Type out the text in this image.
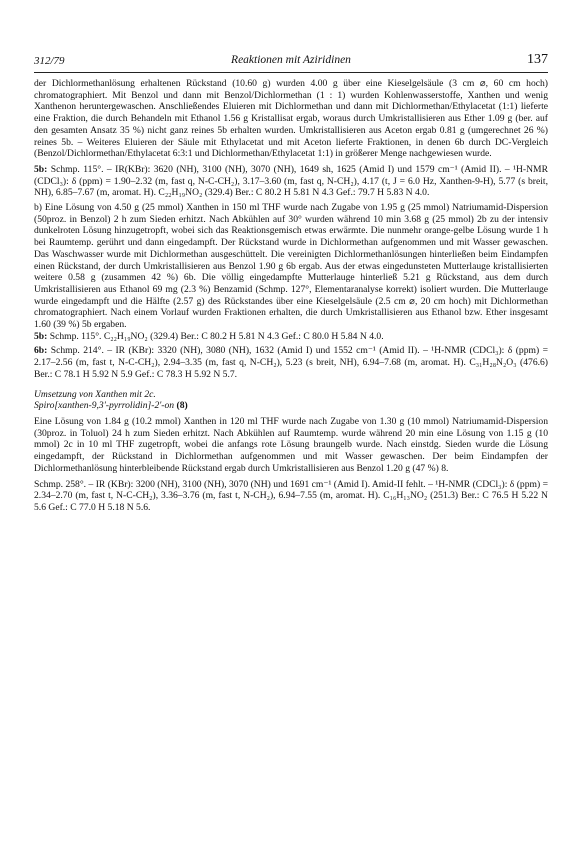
312/79	Reaktionen mit Aziridinen	137

der Dichlormethanlösung erhaltenen Rückstand (10.60 g) wurden 4.00 g über eine Kieselgelsäule (3 cm ⌀, 60 cm hoch) chromatographiert. Mit Benzol und dann mit Benzol/Dichlormethan (1 : 1) wurden Kohlenwasserstoffe, Xanthen und wenig Xanthenon heruntergewaschen. Anschließendes Eluieren mit Dichlormethan und dann mit Dichlormethan/Ethylacetat (1:1) lieferte eine Fraktion, die durch Behandeln mit Ethanol 1.56 g Kristallisat ergab, woraus durch Umkristallisieren aus Ether 1.09 g (ber. auf den gesamten Ansatz 35 %) nicht ganz reines 5b erhalten wurden. Umkristallisieren aus Aceton ergab 0.81 g (umgerechnet 26 %) reines 5b. – Weiteres Eluieren der Säule mit Ethylacetat und mit Aceton lieferte Fraktionen, in denen 6b durch DC-Vergleich (Benzol/Dichlormethan/Ethylacetat 6:3:1 und Dichlormethan/Ethylacetat 1:1) in größerer Menge nachgewiesen wurde.

5b: Schmp. 115°. – IR(KBr): 3620 (NH), 3100 (NH), 3070 (NH), 1649 sh, 1625 (Amid I) und 1579 cm⁻¹ (Amid II). – ¹H-NMR (CDCl₃): δ (ppm) = 1.90–2.32 (m, fast q, N-C-CH₂), 3.17–3.60 (m, fast q, N-CH₂), 4.17 (t, J = 6.0 Hz, Xanthen-9-H), 5.77 (s breit, NH), 6.85–7.67 (m, aromat. H). C₂₂H₁₉NO₂ (329.4) Ber.: C 80.2 H 5.81 N 4.3 Gef.: 79.7 H 5.83 N 4.0.

b) Eine Lösung von 4.50 g (25 mmol) Xanthen in 150 ml THF wurde nach Zugabe von 1.95 g (25 mmol) Natriumamid-Dispersion (50proz. in Benzol) 2 h zum Sieden erhitzt. Nach Abkühlen auf 30° wurden während 10 min 3.68 g (25 mmol) 2b zu der intensiv dunkelroten Lösung hinzugetropft, wobei sich das Reaktionsgemisch etwas erwärmte. Die nunmehr orange-gelbe Lösung wurde 1 h bei Raumtemp. gerührt und dann eingedampft. Der Rückstand wurde in Dichlormethan aufgenommen und mit Wasser gewaschen. Das Waschwasser wurde mit Dichlormethan ausgeschüttelt. Die vereinigten Dichlormethanlösungen hinterließen beim Eindampfen einen Rückstand, der durch Umkristallisieren aus Benzol 1.90 g 6b ergab. Aus der etwas eingedunsteten Mutterlauge kristallisierten weitere 0.58 g (zusammen 42 %) 6b. Die völlig eingedampfte Mutterlauge hinterließ 5.21 g Rückstand, aus dem durch Umkristallisieren aus Ethanol 69 mg (2.3 %) Benzamid (Schmp. 127°, Elementaranalyse korrekt) isoliert wurden. Die Mutterlauge wurde eingedampft und die Hälfte (2.57 g) des Rückstandes über eine Kieselgelsäule (2.5 cm ⌀, 20 cm hoch) mit Dichlormethan chromatographiert. Nach einem Vorlauf wurden Fraktionen erhalten, die durch Umkristallisieren aus Ethanol bzw. Ether insgesamt 1.60 (39 %) 5b ergaben.

5b: Schmp. 115°. C₂₂H₁₉NO₂ (329.4) Ber.: C 80.2 H 5.81 N 4.3 Gef.: C 80.0 H 5.84 N 4.0.

6b: Schmp. 214°. – IR (KBr): 3320 (NH), 3080 (NH), 1632 (Amid I) und 1552 cm⁻¹ (Amid II). – ¹H-NMR (CDCl₃): δ (ppm) = 2.17–2.56 (m, fast t, N-C-CH₂), 2.94–3.35 (m, fast q, N-CH₂), 5.23 (s breit, NH), 6.94–7.68 (m, aromat. H). C₃₁H₂₈N₂O₃ (476.6) Ber.: C 78.1 H 5.92 N 5.9 Gef.: C 78.3 H 5.92 N 5.7.

Umsetzung von Xanthen mit 2c.

Spiro[xanthen-9,3'-pyrrolidin]-2'-on (8)

Eine Lösung von 1.84 g (10.2 mmol) Xanthen in 120 ml THF wurde nach Zugabe von 1.30 g (10 mmol) Natriumamid-Dispersion (30proz. in Toluol) 24 h zum Sieden erhitzt. Nach Abkühlen auf Raumtemp. wurde während 20 min eine Lösung von 1.15 g (10 mmol) 2c in 10 ml THF zugetropft, wobei die anfangs rote Lösung braungelb wurde. Nach einstdg. Sieden wurde die Lösung eingedampft, der Rückstand in Dichlormethan aufgenommen und mit Wasser gewaschen. Der beim Eindampfen der Dichlormethanlösung hinterbleibende Rückstand ergab durch Umkristallisieren aus Benzol 1.20 g (47 %) 8.

Schmp. 258°. – IR (KBr): 3200 (NH), 3100 (NH), 3070 (NH) und 1691 cm⁻¹ (Amid I). Amid-II fehlt. – ¹H-NMR (CDCl₃): δ (ppm) = 2.34–2.70 (m, fast t, N-C-CH₂), 3.36–3.76 (m, fast t, N-CH₂), 6.94–7.55 (m, aromat. H). C₁₆H₁₃NO₂ (251.3) Ber.: C 76.5 H 5.22 N 5.6 Gef.: C 77.0 H 5.18 N 5.6.
